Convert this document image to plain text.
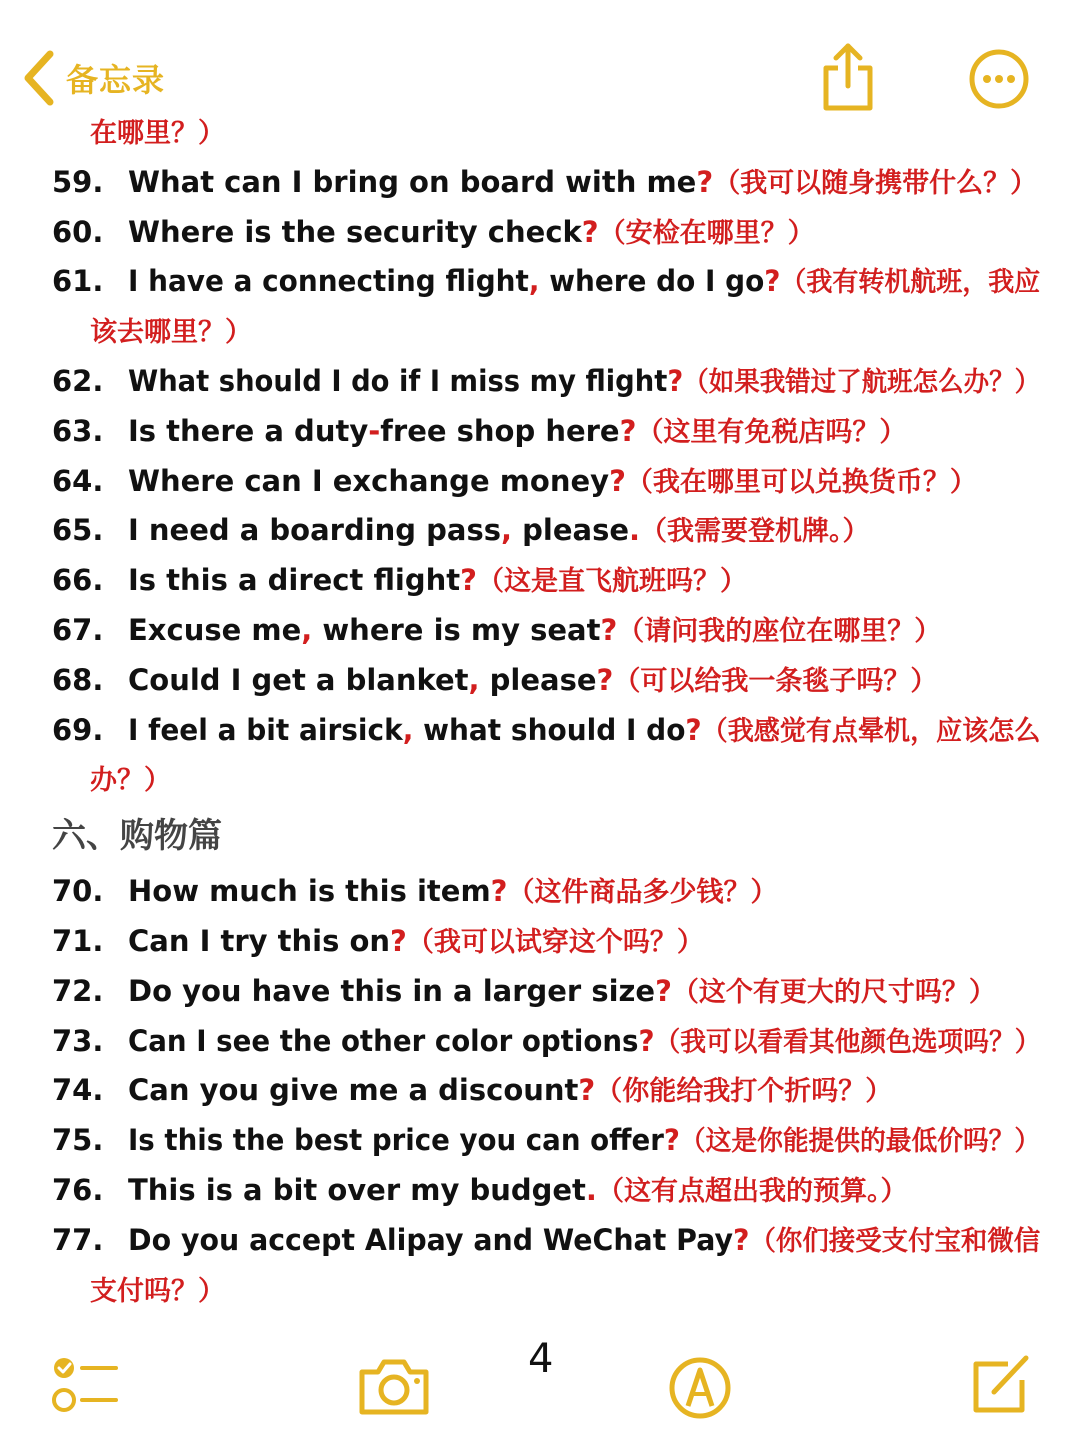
备忘录
在哪里？）
59. What can I bring on board with me?（我可以随身携带什么？）
60. Where is the security check?（安检在哪里？）
61. I have a connecting flight, where do I go?（我有转机航班，我应
该去哪里？）
62. What should I do if I miss my flight?（如果我错过了航班怎么办？）
63. Is there a duty-free shop here?（这里有免税店吗？）
64. Where can I exchange money?（我在哪里可以兑换货币？）
65. I need a boarding pass, please.（我需要登机牌。）
66. Is this a direct flight?（这是直飞航班吗？）
67. Excuse me, where is my seat?（请问我的座位在哪里？）
68. Could I get a blanket, please?（可以给我一条毯子吗？）
69. I feel a bit airsick, what should I do?（我感觉有点晕机，应该怎么
办？）
六、购物篇
70. How much is this item?（这件商品多少钱？）
71. Can I try this on?（我可以试穿这个吗？）
72. Do you have this in a larger size?（这个有更大的尺寸吗？）
73. Can I see the other color options?（我可以看看其他颜色选项吗？）
74. Can you give me a discount?（你能给我打个折吗？）
75. Is this the best price you can offer?（这是你能提供的最低价吗？）
76. This is a bit over my budget.（这有点超出我的预算。）
77. Do you accept Alipay and WeChat Pay?（你们接受支付宝和微信
支付吗？）
4
